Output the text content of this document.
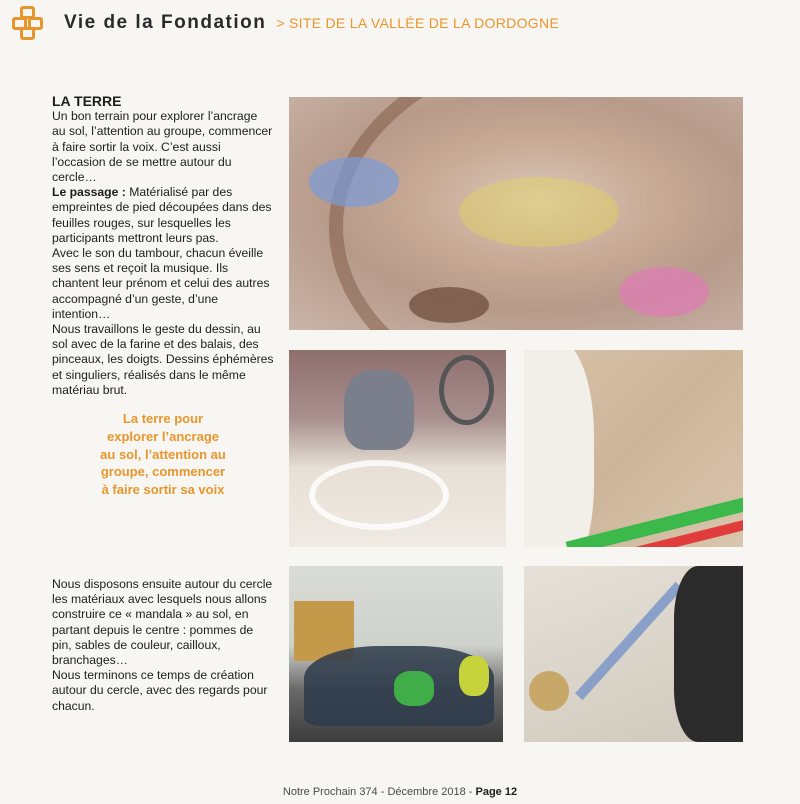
Vie de la Fondation > SITE DE LA VALLÉE DE LA DORDOGNE

LA TERRE

Un bon terrain pour explorer l’ancrage au sol, l’attention au groupe, commencer à faire sortir la voix. C’est aussi l’occasion de se mettre autour du cercle…

Le passage : Matérialisé par des empreintes de pied découpées dans des feuilles rouges, sur lesquelles les participants mettront leurs pas.

Avec le son du tambour, chacun éveille ses sens et reçoit la musique. Ils chantent leur prénom et celui des autres accompagné d’un geste, d’une intention…

Nous travaillons le geste du dessin, au sol avec de la farine et des balais, des pinceaux, les doigts. Dessins éphémères et singuliers, réalisés dans le même matériau brut.

La terre pour explorer l’ancrage au sol, l’attention au groupe, commencer à faire sortir sa voix

Nous disposons ensuite autour du cercle les matériaux avec lesquels nous allons construire ce « mandala » au sol, en partant depuis le centre : pommes de pin, sables de couleur, cailloux, branchages…

Nous terminons ce temps de création autour du cercle, avec des regards pour chacun.

Notre Prochain 374 - Décembre 2018 - Page 12
